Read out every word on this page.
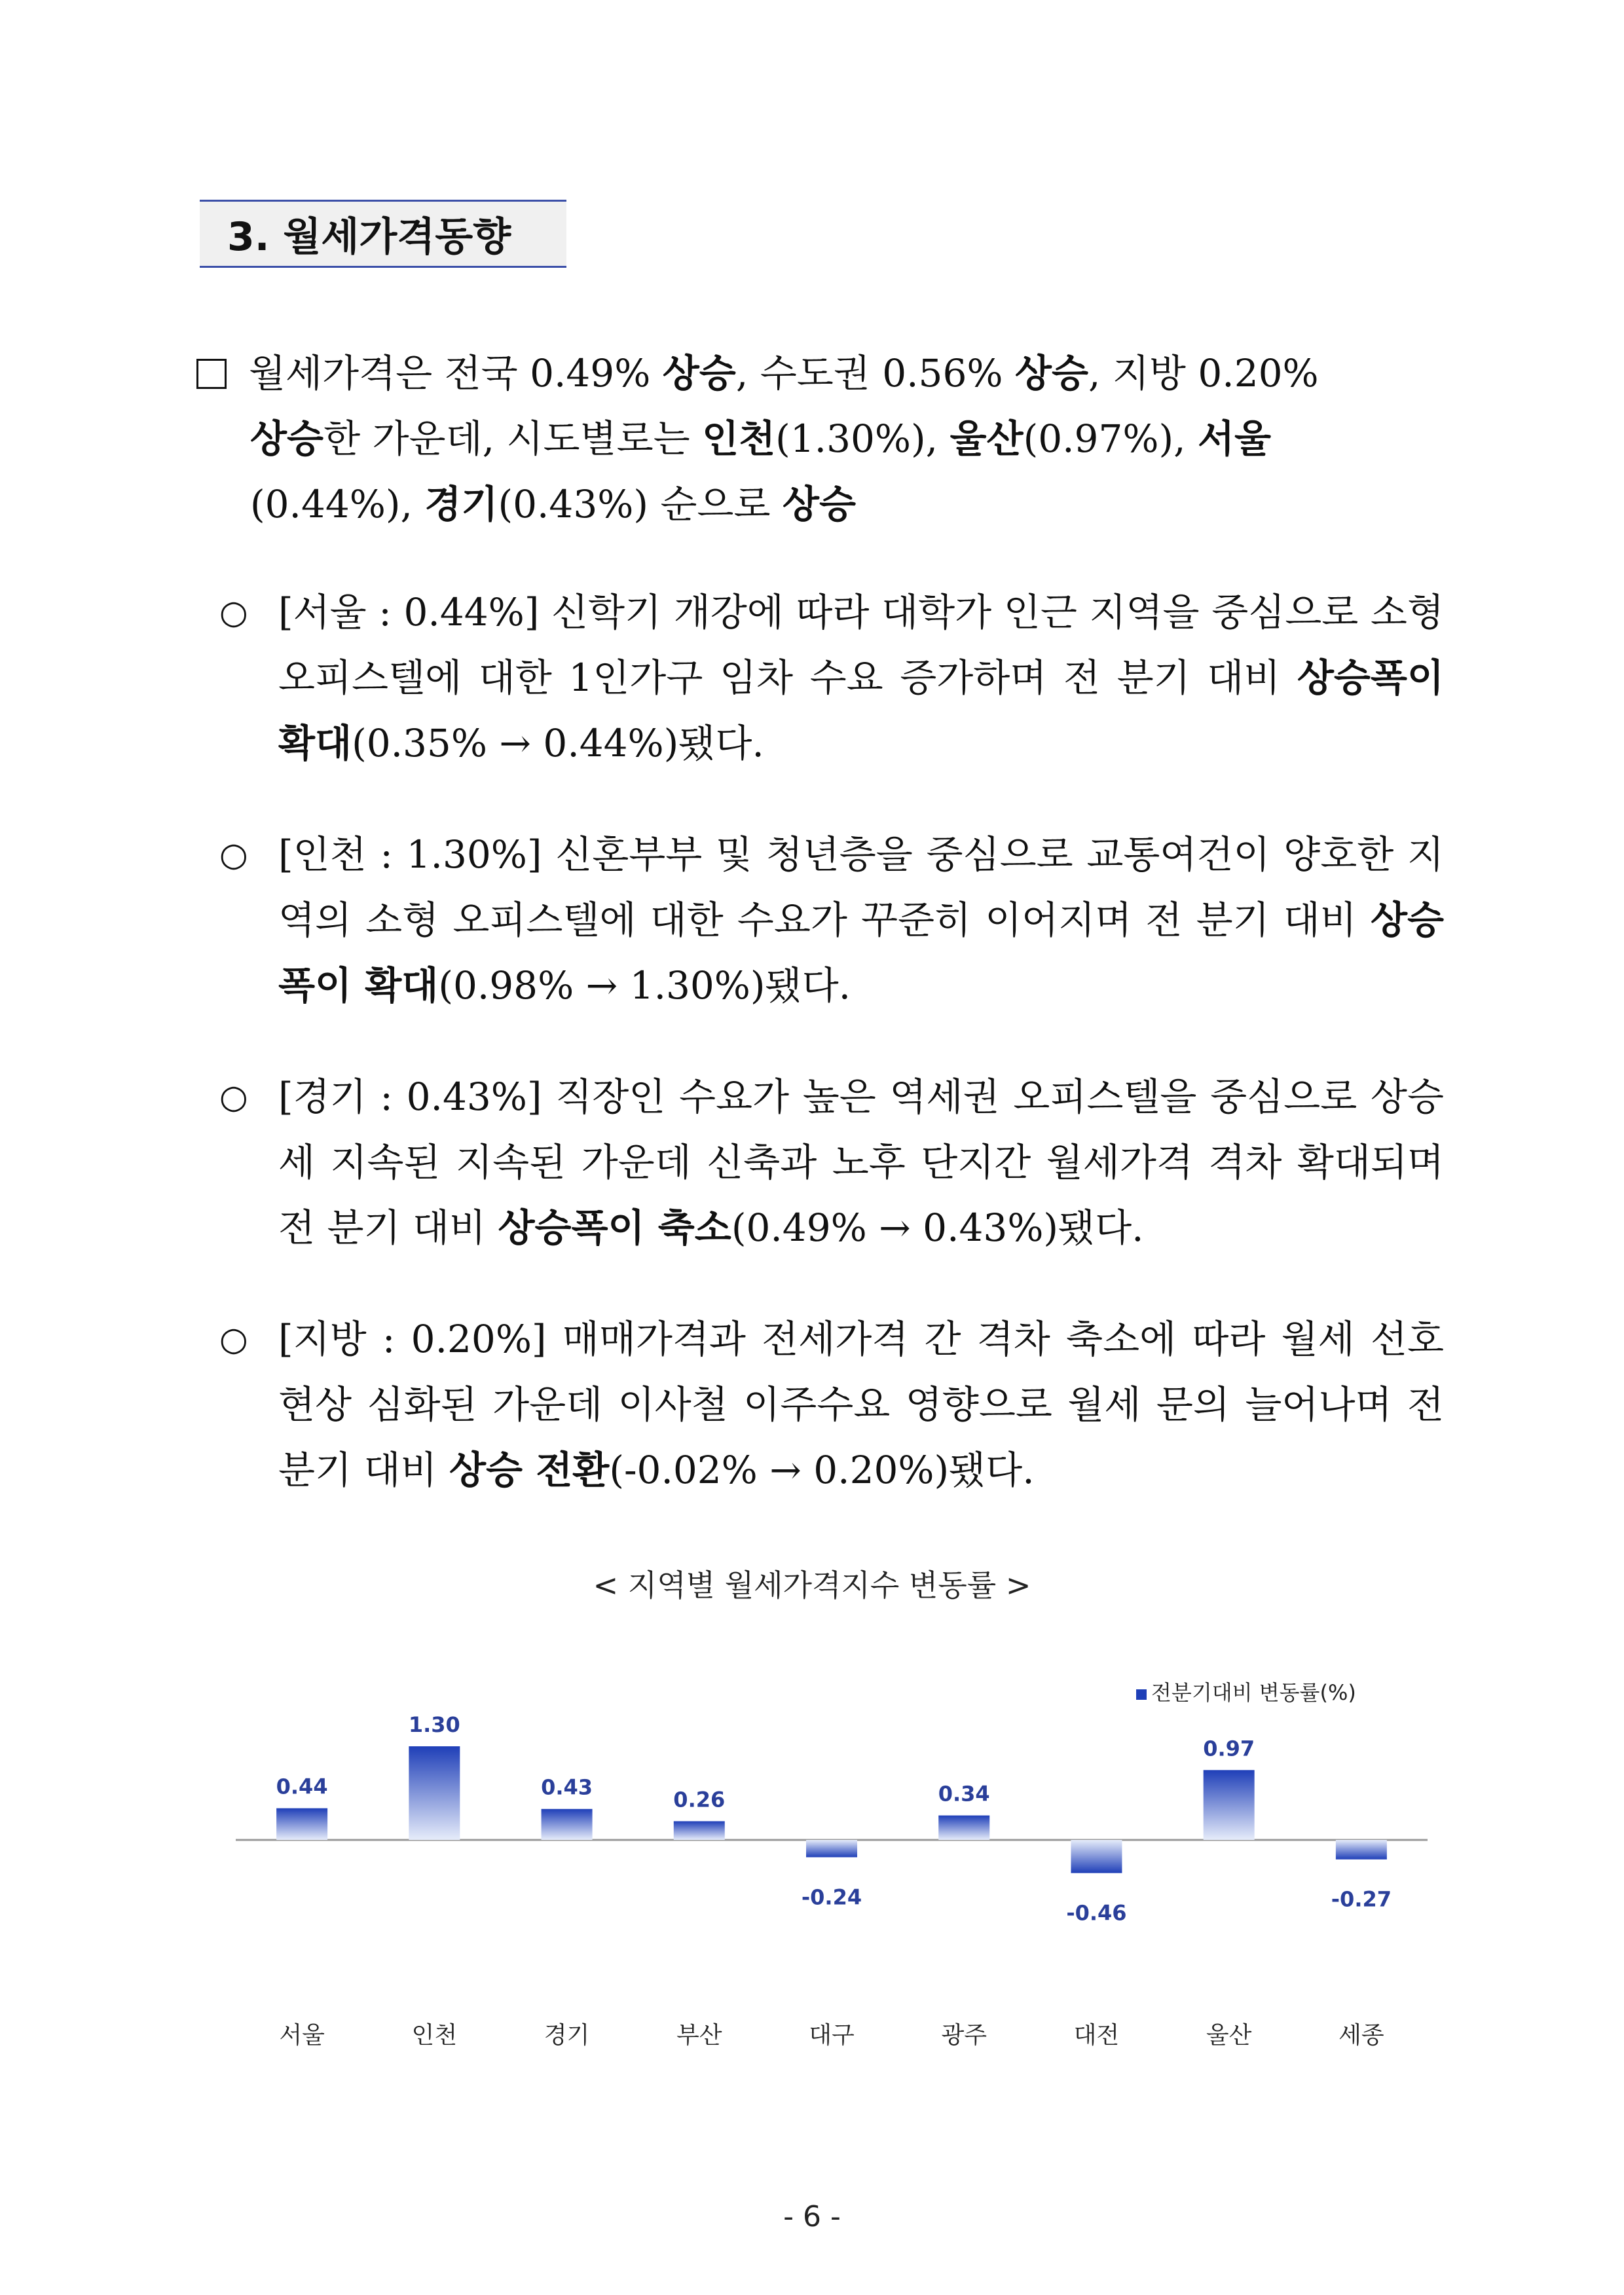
3. 월세가격동향
월세가격은 전국 0.49% 상승, 수도권 0.56% 상승, 지방 0.20%
상승한 가운데, 시도별로는 인천(1.30%), 울산(0.97%), 서울
(0.44%), 경기(0.43%) 순으로 상승
○ [서울 : 0.44%] 신학기 개강에 따라 대학가 인근 지역을 중심으로 소형 오피스텔에 대한 1인가구 임차 수요 증가하며 전 분기 대비 상승폭이 확대(0.35% → 0.44%)됐다.
○ [인천 : 1.30%] 신혼부부 및 청년층을 중심으로 교통여건이 양호한 지역의 소형 오피스텔에 대한 수요가 꾸준히 이어지며 전 분기 대비 상승폭이 확대(0.98% → 1.30%)됐다.
○ [경기 : 0.43%] 직장인 수요가 높은 역세권 오피스텔을 중심으로 상승세 지속된 지속된 가운데 신축과 노후 단지간 월세가격 격차 확대되며 전 분기 대비 상승폭이 축소(0.49% → 0.43%)됐다.
○ [지방 : 0.20%] 매매가격과 전세가격 간 격차 축소에 따라 월세 선호 현상 심화된 가운데 이사철 이주수요 영향으로 월세 문의 늘어나며 전 분기 대비 상승 전환(-0.02% → 0.20%)됐다.
< 지역별 월세가격지수 변동률 >
전분기대비 변동률(%)
0.44
서울
1.30
인천
0.43
경기
0.26
부산
-0.24
대구
0.34
광주
-0.46
대전
0.97
울산
-0.27
세종
- 6 -
